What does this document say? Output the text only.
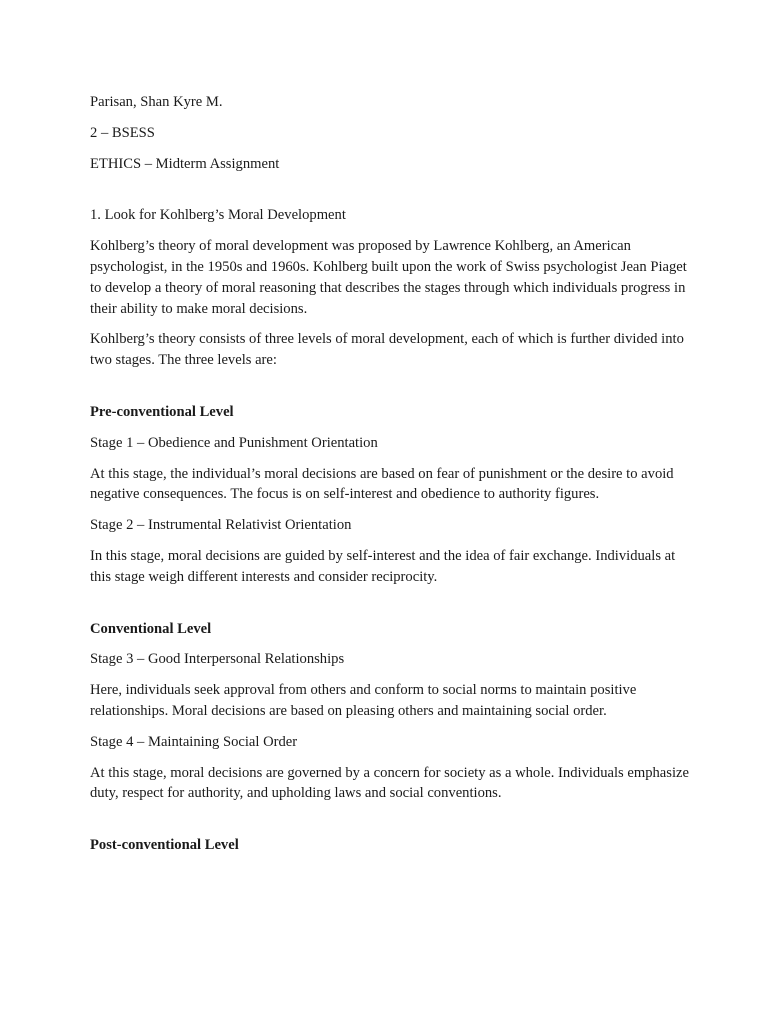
Parisan, Shan Kyre M.

2 – BSESS

ETHICS – Midterm Assignment

1. Look for Kohlberg’s Moral Development

Kohlberg’s theory of moral development was proposed by Lawrence Kohlberg, an American psychologist, in the 1950s and 1960s. Kohlberg built upon the work of Swiss psychologist Jean Piaget to develop a theory of moral reasoning that describes the stages through which individuals progress in their ability to make moral decisions.

Kohlberg’s theory consists of three levels of moral development, each of which is further divided into two stages. The three levels are:

Pre-conventional Level

Stage 1 – Obedience and Punishment Orientation

At this stage, the individual’s moral decisions are based on fear of punishment or the desire to avoid negative consequences. The focus is on self-interest and obedience to authority figures.

Stage 2 – Instrumental Relativist Orientation

In this stage, moral decisions are guided by self-interest and the idea of fair exchange. Individuals at this stage weigh different interests and consider reciprocity.

Conventional Level

Stage 3 – Good Interpersonal Relationships

Here, individuals seek approval from others and conform to social norms to maintain positive relationships. Moral decisions are based on pleasing others and maintaining social order.

Stage 4 – Maintaining Social Order

At this stage, moral decisions are governed by a concern for society as a whole. Individuals emphasize duty, respect for authority, and upholding laws and social conventions.

Post-conventional Level
